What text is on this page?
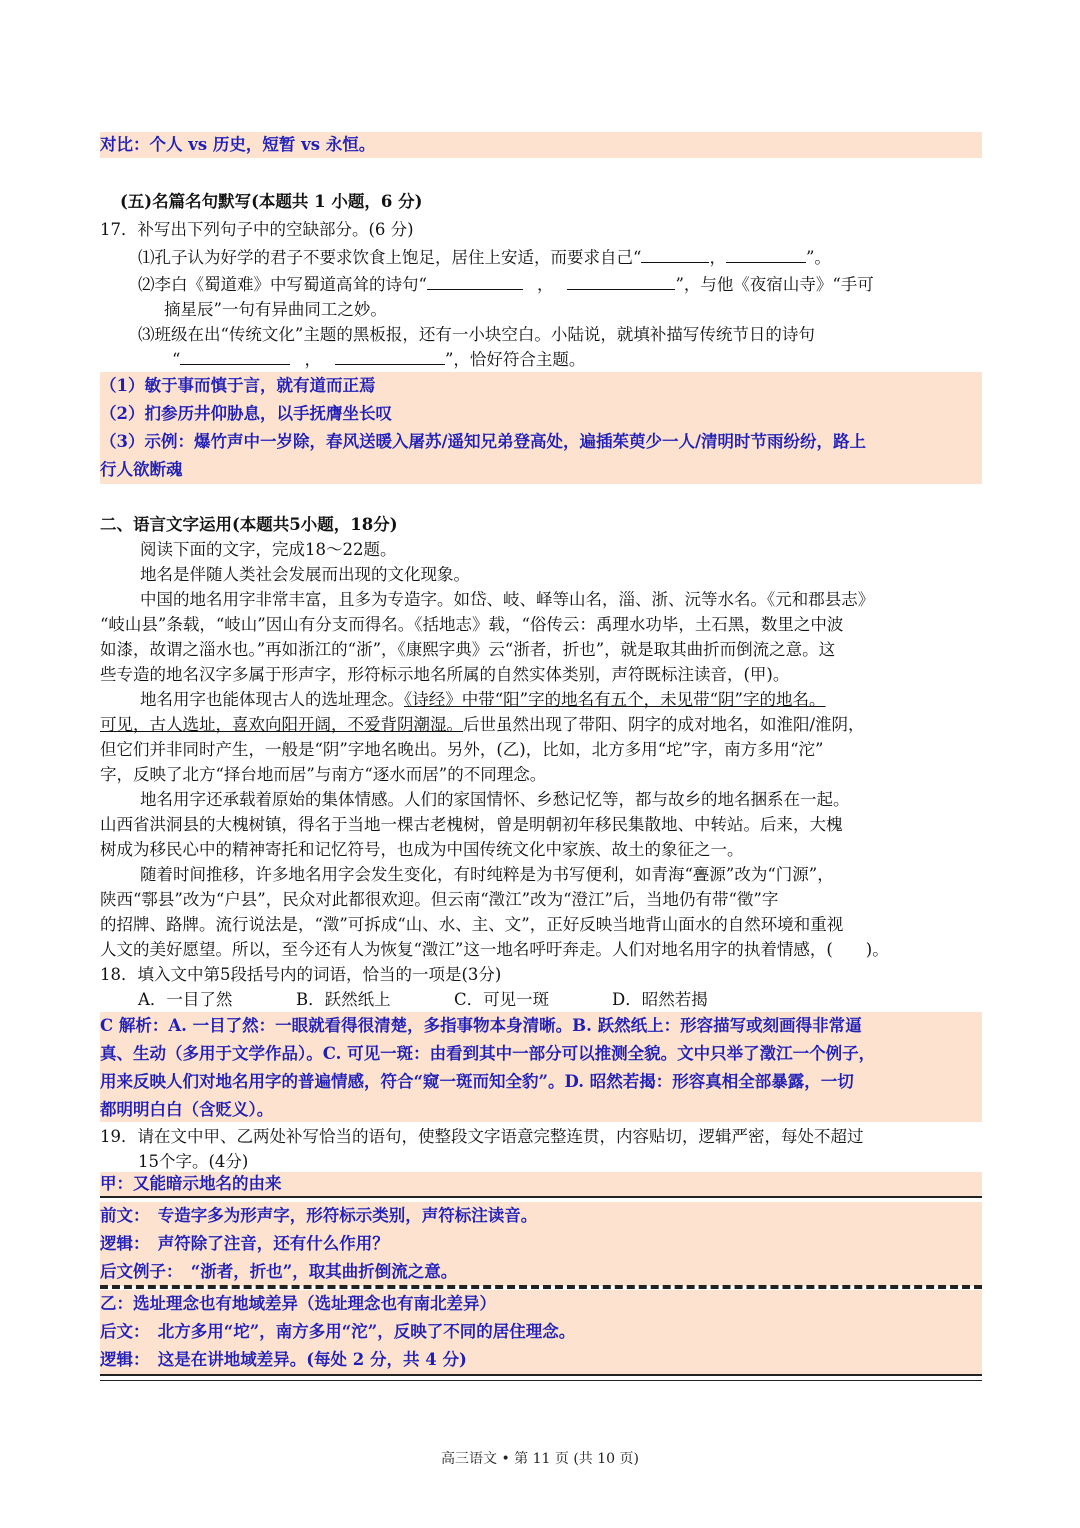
对比：个人 vs 历史，短暂 vs 永恒。
(五)名篇名句默写(本题共 1 小题，6 分)
17．补写出下列句子中的空缺部分。(6 分)
⑴孔子认为好学的君子不要求饮食上饱足，居住上安适，而要求自己“	，	”。
⑵李白《蜀道难》中写蜀道高耸的诗句“	，	”，与他《夜宿山寺》“手可
摘星辰”一句有异曲同工之妙。
⑶班级在出“传统文化”主题的黑板报，还有一小块空白。小陆说，就填补描写传统节日的诗句
“	，	”，恰好符合主题。
（1）敏于事而慎于言，就有道而正焉
（2）扪参历井仰胁息，以手抚膺坐长叹
（3）示例：爆竹声中一岁除，春风送暖入屠苏/遥知兄弟登高处，遍插茱萸少一人/清明时节雨纷纷，路上
行人欲断魂
二、语言文字运用(本题共5小题，18分)
阅读下面的文字，完成18～22题。
地名是伴随人类社会发展而出现的文化现象。
中国的地名用字非常丰富，且多为专造字。如岱、岐、峄等山名，淄、浙、沅等水名。《元和郡县志》
“岐山县”条载，“岐山”因山有分支而得名。《括地志》载，“俗传云：禹理水功毕，土石黑，数里之中波
如漆，故谓之淄水也。”再如浙江的“浙”，《康熙字典》云“浙者，折也”，就是取其曲折而倒流之意。这
些专造的地名汉字多属于形声字，形符标示地名所属的自然实体类别，声符既标注读音，(甲)。
地名用字也能体现古人的选址理念。《诗经》中带“阳”字的地名有五个，未见带“阴”字的地名。
可见，古人选址，喜欢向阳开阔，不爱背阴潮湿。后世虽然出现了带阳、阴字的成对地名，如淮阳/淮阴，
但它们并非同时产生，一般是“阴”字地名晚出。另外，(乙)，比如，北方多用“坨”字，南方多用“沱”
字，反映了北方“择台地而居”与南方“逐水而居”的不同理念。
地名用字还承载着原始的集体情感。人们的家国情怀、乡愁记忆等，都与故乡的地名捆系在一起。
山西省洪洞县的大槐树镇，得名于当地一棵古老槐树，曾是明朝初年移民集散地、中转站。后来，大槐
树成为移民心中的精神寄托和记忆符号，也成为中国传统文化中家族、故土的象征之一。
随着时间推移，许多地名用字会发生变化，有时纯粹是为书写便利，如青海“亹源”改为“门源”，
陕西“鄠县”改为“户县”，民众对此都很欢迎。但云南“澂江”改为“澄江”后，当地仍有带“徵”字
的招牌、路牌。流行说法是，“澂”可拆成“山、水、主、文”，正好反映当地背山面水的自然环境和重视
人文的美好愿望。所以，至今还有人为恢复“澂江”这一地名呼吁奔走。人们对地名用字的执着情感，(　　)。
18．填入文中第5段括号内的词语，恰当的一项是(3分)
A．一目了然	B．跃然纸上	C．可见一斑	D．昭然若揭
C 解析：A. 一目了然：一眼就看得很清楚，多指事物本身清晰。B. 跃然纸上：形容描写或刻画得非常逼
真、生动（多用于文学作品）。C. 可见一斑：由看到其中一部分可以推测全貌。文中只举了澂江一个例子，
用来反映人们对地名用字的普遍情感，符合“窥一斑而知全豹”。D. 昭然若揭：形容真相全部暴露，一切
都明明白白（含贬义）。
19．请在文中甲、乙两处补写恰当的语句，使整段文字语意完整连贯，内容贴切，逻辑严密，每处不超过
15个字。(4分)
甲：又能暗示地名的由来
前文：　专造字多为形声字，形符标示类别，声符标注读音。
逻辑：　声符除了注音，还有什么作用？
后文例子：　“浙者，折也”，取其曲折倒流之意。
乙：选址理念也有地域差异（选址理念也有南北差异）
后文：　北方多用“坨”，南方多用“沱”，反映了不同的居住理念。
逻辑：　这是在讲地域差异。(每处 2 分，共 4 分)
高三语文 • 第 11 页 (共 10 页)
